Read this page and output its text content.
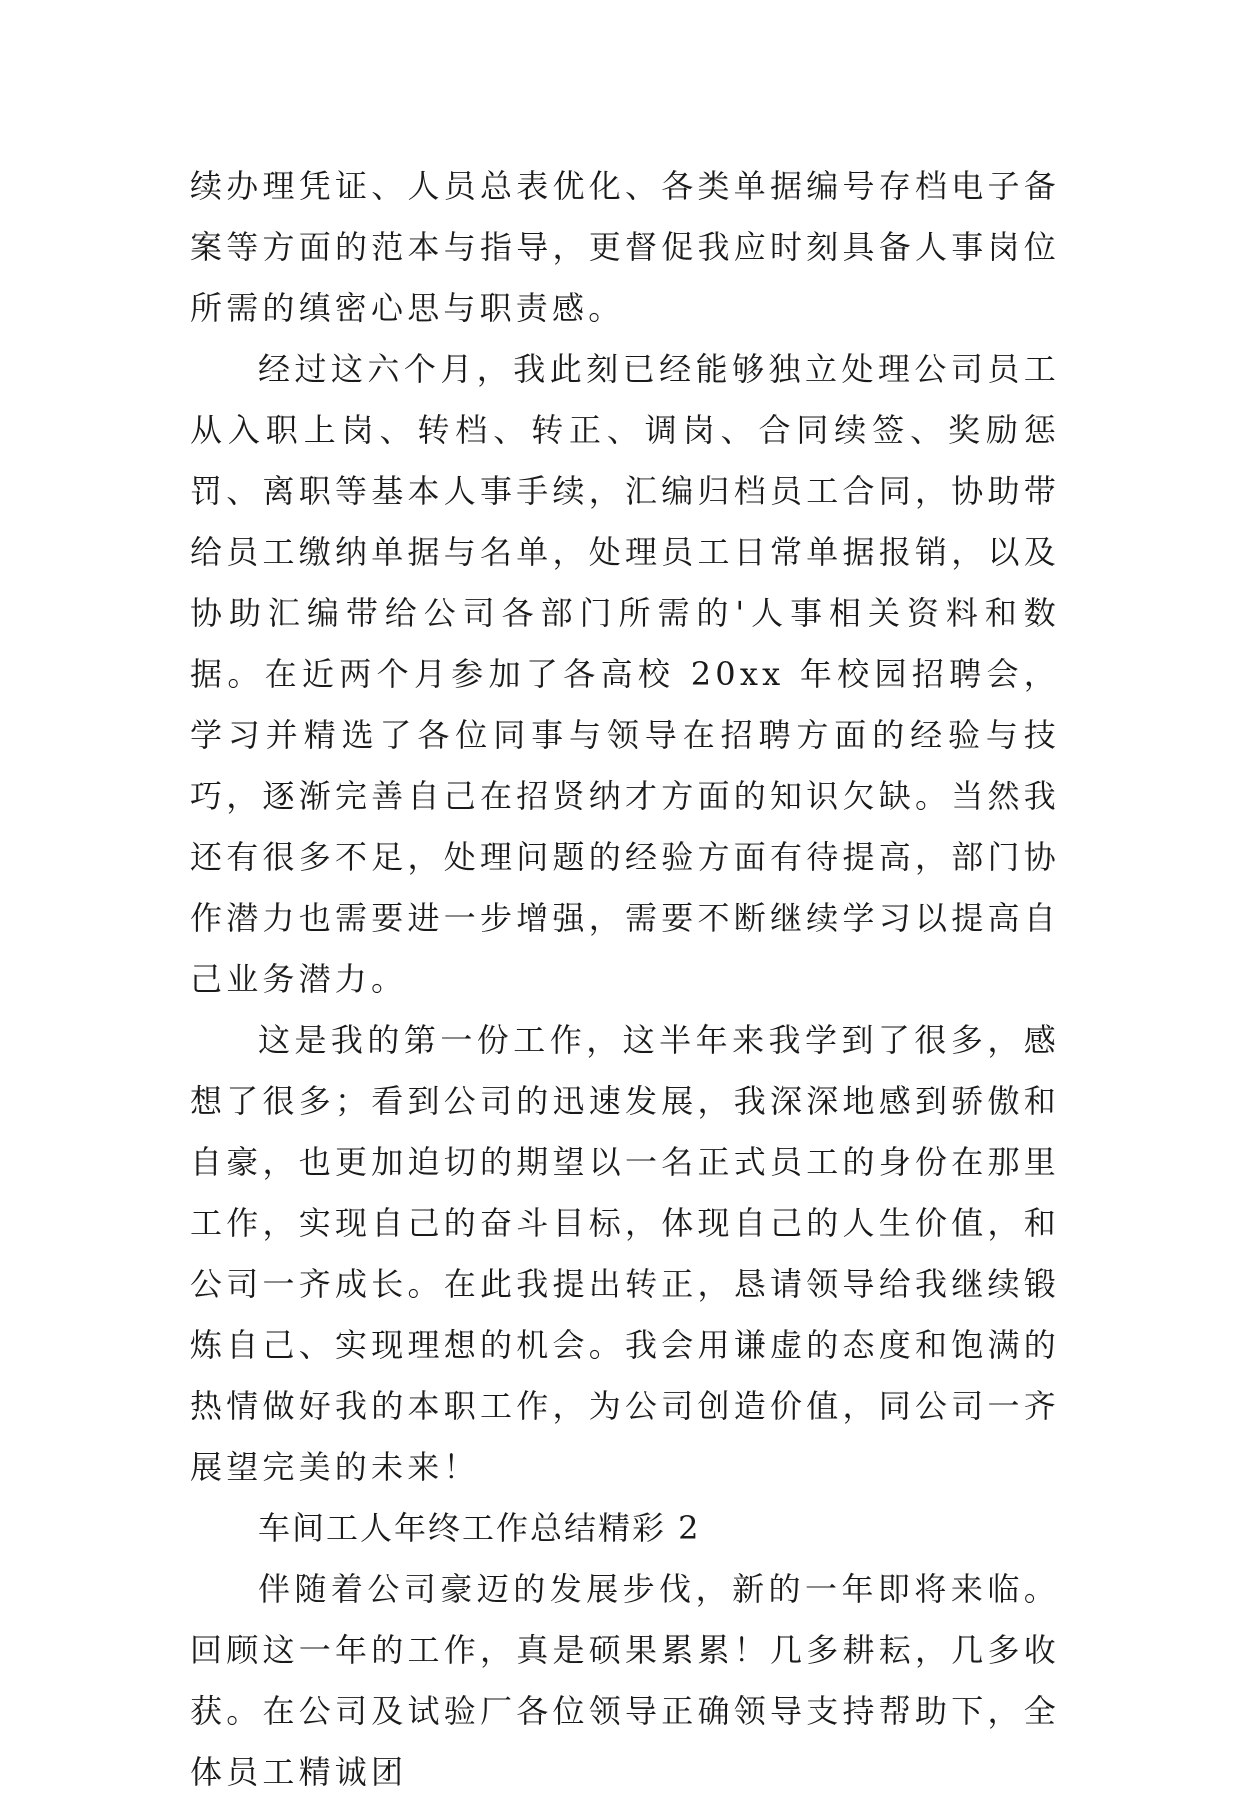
续办理凭证、人员总表优化、各类单据编号存档电子备案等方面的范本与指导，更督促我应时刻具备人事岗位所需的缜密心思与职责感。

经过这六个月，我此刻已经能够独立处理公司员工从入职上岗、转档、转正、调岗、合同续签、奖励惩罚、离职等基本人事手续，汇编归档员工合同，协助带给员工缴纳单据与名单，处理员工日常单据报销，以及协助汇编带给公司各部门所需的'人事相关资料和数据。在近两个月参加了各高校 20xx 年校园招聘会，学习并精选了各位同事与领导在招聘方面的经验与技巧，逐渐完善自己在招贤纳才方面的知识欠缺。当然我还有很多不足，处理问题的经验方面有待提高，部门协作潜力也需要进一步增强，需要不断继续学习以提高自己业务潜力。

这是我的第一份工作，这半年来我学到了很多，感想了很多；看到公司的迅速发展，我深深地感到骄傲和自豪，也更加迫切的期望以一名正式员工的身份在那里工作，实现自己的奋斗目标，体现自己的人生价值，和公司一齐成长。在此我提出转正，恳请领导给我继续锻炼自己、实现理想的机会。我会用谦虚的态度和饱满的热情做好我的本职工作，为公司创造价值，同公司一齐展望完美的未来！

车间工人年终工作总结精彩 2

伴随着公司豪迈的发展步伐，新的一年即将来临。回顾这一年的工作，真是硕果累累！几多耕耘，几多收获。在公司及试验厂各位领导正确领导支持帮助下，全体员工精诚团
